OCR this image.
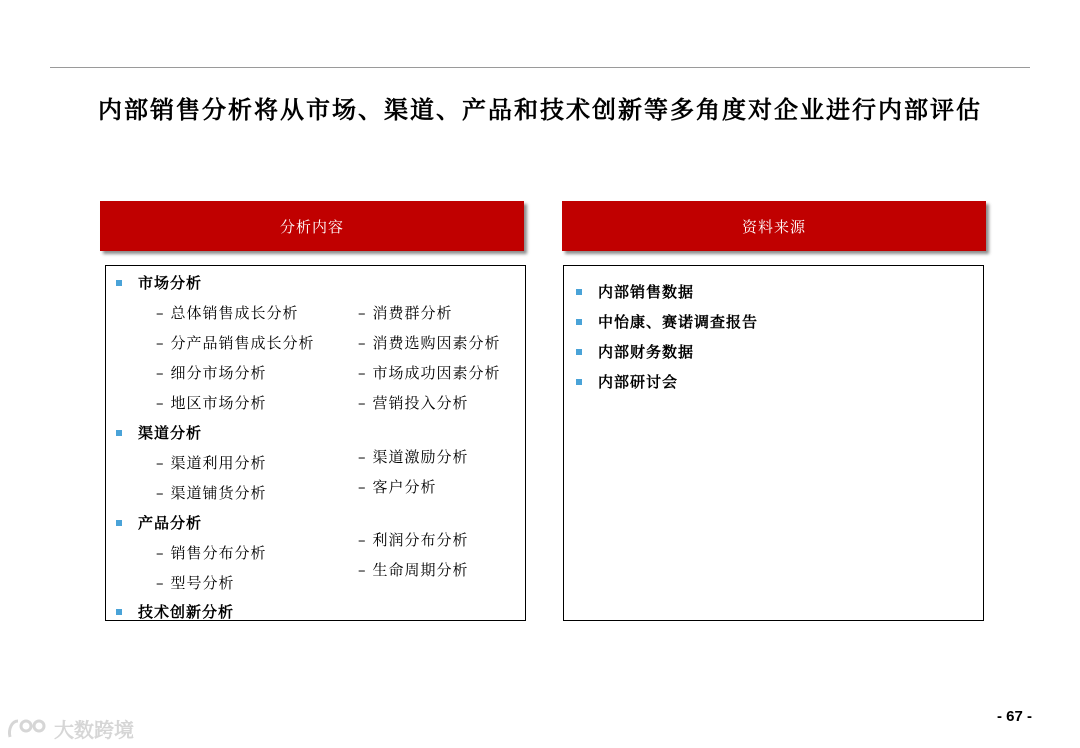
内部销售分析将从市场、渠道、产品和技术创新等多角度对企业进行内部评估
分析内容	资料来源
市场分析
– 总体销售成长分析
– 分产品销售成长分析
– 细分市场分析
– 地区市场分析
– 消费群分析
– 消费选购因素分析
– 市场成功因素分析
– 营销投入分析
渠道分析
– 渠道利用分析
– 渠道铺货分析
– 渠道激励分析
– 客户分析
产品分析
– 销售分布分析
– 型号分析
– 利润分布分析
– 生命周期分析
技术创新分析
内部销售数据
中怡康、赛诺调查报告
内部财务数据
内部研讨会
大数跨境
- 67 -
